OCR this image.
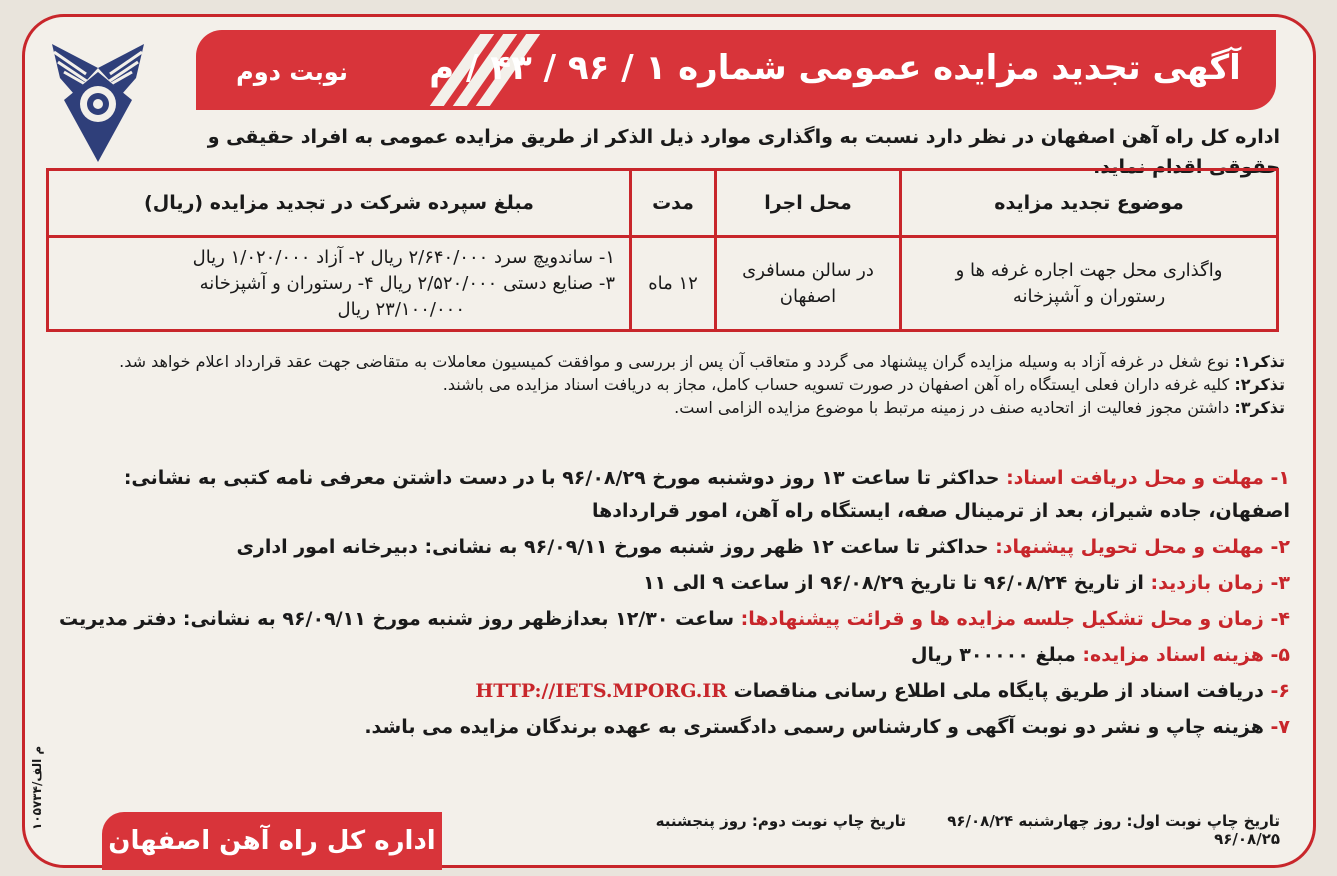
آگهی تجدید مزایده عمومی شماره ۱ / ۹۶ / ۴۳ / م
نوبت دوم
اداره کل راه آهن اصفهان در نظر دارد نسبت به واگذاری موارد ذیل الذکر از طریق مزایده عمومی به افراد حقیقی و حقوقی اقدام نماید.
موضوع تجدید مزایده	محل اجرا	مدت	مبلغ سپرده شرکت در تجدید مزایده (ریال)
واگذاری محل جهت اجاره غرفه ها و رستوران و آشپزخانه	در سالن مسافری اصفهان	۱۲ ماه	۱- ساندویچ سرد ۲/۶۴۰/۰۰۰ ریال ۲- آزاد ۱/۰۲۰/۰۰۰ ریال
۳- صنایع دستی ۲/۵۲۰/۰۰۰ ریال ۴- رستوران و آشپزخانه
۲۳/۱۰۰/۰۰۰ ریال
تذکر۱: نوع شغل در غرفه آزاد به وسیله مزایده گران پیشنهاد می گردد و متعاقب آن پس از بررسی و موافقت کمیسیون معاملات به متقاضی جهت عقد قرارداد اعلام خواهد شد.
تذکر۲: کلیه غرفه داران فعلی ایستگاه راه آهن اصفهان در صورت تسویه حساب کامل، مجاز به دریافت اسناد مزایده می باشند.
تذکر۳: داشتن مجوز فعالیت از اتحادیه صنف در زمینه مرتبط با موضوع مزایده الزامی است.
۱- مهلت و محل دریافت اسناد: حداکثر تا ساعت ۱۳ روز دوشنبه مورخ ۹۶/۰۸/۲۹ با در دست داشتن معرفی نامه کتبی به نشانی: اصفهان، جاده شیراز، بعد از ترمینال صفه، ایستگاه راه آهن، امور قراردادها
۲- مهلت و محل تحویل پیشنهاد: حداکثر تا ساعت ۱۲ ظهر روز شنبه مورخ ۹۶/۰۹/۱۱ به نشانی: دبیرخانه امور اداری
۳- زمان بازدید: از تاریخ ۹۶/۰۸/۲۴ تا تاریخ ۹۶/۰۸/۲۹ از ساعت ۹ الی ۱۱
۴- زمان و محل تشکیل جلسه مزایده ها و قرائت پیشنهادها: ساعت ۱۲/۳۰ بعدازظهر روز شنبه مورخ ۹۶/۰۹/۱۱ به نشانی: دفتر مدیریت
۵- هزینه اسناد مزایده: مبلغ ۳۰۰۰۰۰ ریال
۶- دریافت اسناد از طریق پایگاه ملی اطلاع رسانی مناقصات HTTP://IETS.MPORG.IR
۷- هزینه چاپ و نشر دو نوبت آگهی و کارشناس رسمی دادگستری به عهده برندگان مزایده می باشد.
تاریخ چاپ نوبت اول: روز چهارشنبه ۹۶/۰۸/۲۴ تاریخ چاپ نوبت دوم: روز پنجشنبه ۹۶/۰۸/۲۵
اداره کل راه آهن اصفهان
۱۰۵۷۳۴/م الف
